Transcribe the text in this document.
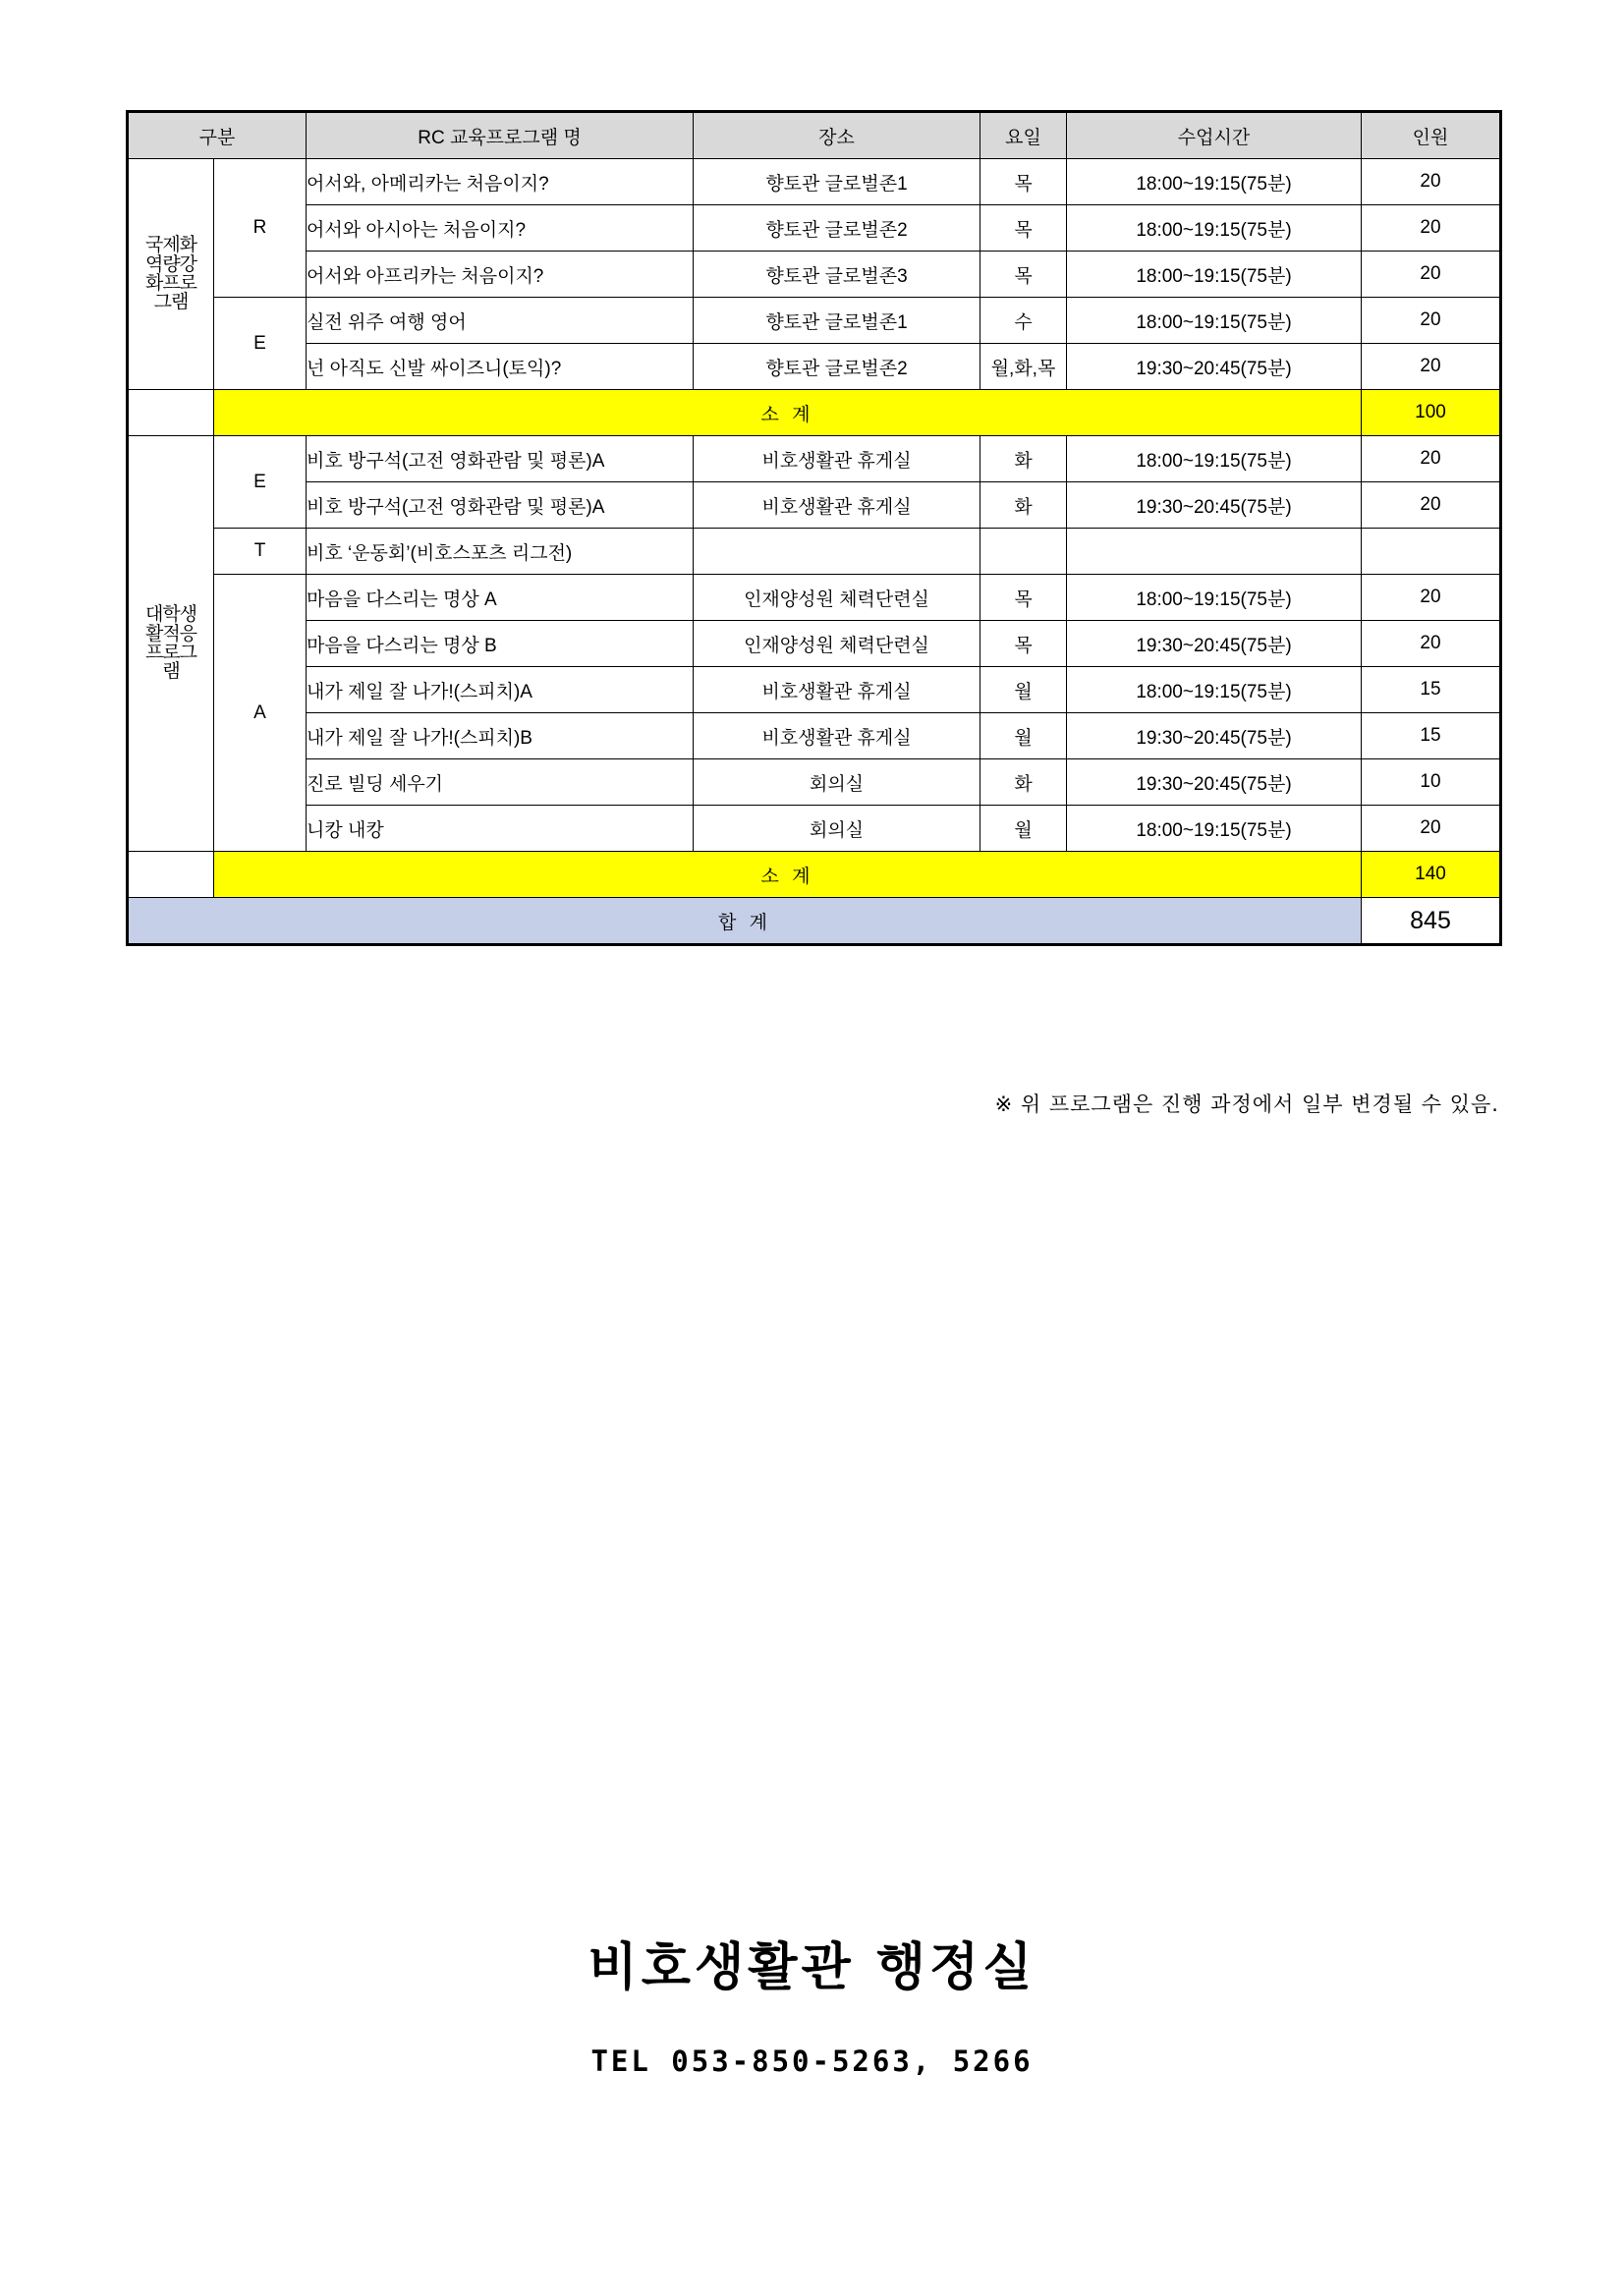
구분		RC 교육프로그램 명	장소	요일	수업시간	인원
국제화역량강화프로그램	R	어서와, 아메리카는 처음이지?	향토관 글로벌존1	목	18:00~19:15(75분)	20
		어서와 아시아는 처음이지?	향토관 글로벌존2	목	18:00~19:15(75분)	20
		어서와 아프리카는 처음이지?	향토관 글로벌존3	목	18:00~19:15(75분)	20
	E	실전 위주 여행 영어	향토관 글로벌존1	수	18:00~19:15(75분)	20
		넌 아직도 신발 싸이즈니(토익)?	향토관 글로벌존2	월,화,목	19:30~20:45(75분)	20
	소 계					100
대학생활적응프로그램	E	비호 방구석(고전 영화관람 및 평론)A	비호생활관 휴게실	화	18:00~19:15(75분)	20
		비호 방구석(고전 영화관람 및 평론)A	비호생활관 휴게실	화	19:30~20:45(75분)	20
	T	비호 ‘운동회’(비호스포츠 리그전)				
	A	마음을 다스리는 명상 A	인재양성원 체력단련실	목	18:00~19:15(75분)	20
		마음을 다스리는 명상 B	인재양성원 체력단련실	목	19:30~20:45(75분)	20
		내가 제일 잘 나가!(스피치)A	비호생활관 휴게실	월	18:00~19:15(75분)	15
		내가 제일 잘 나가!(스피치)B	비호생활관 휴게실	월	19:30~20:45(75분)	15
		진로 빌딩 세우기	회의실	화	19:30~20:45(75분)	10
		니캉 내캉	회의실	월	18:00~19:15(75분)	20
	소 계					140
합 계						845
※ 위 프로그램은 진행 과정에서 일부 변경될 수 있음.
비호생활관 행정실
TEL 053-850-5263, 5266
